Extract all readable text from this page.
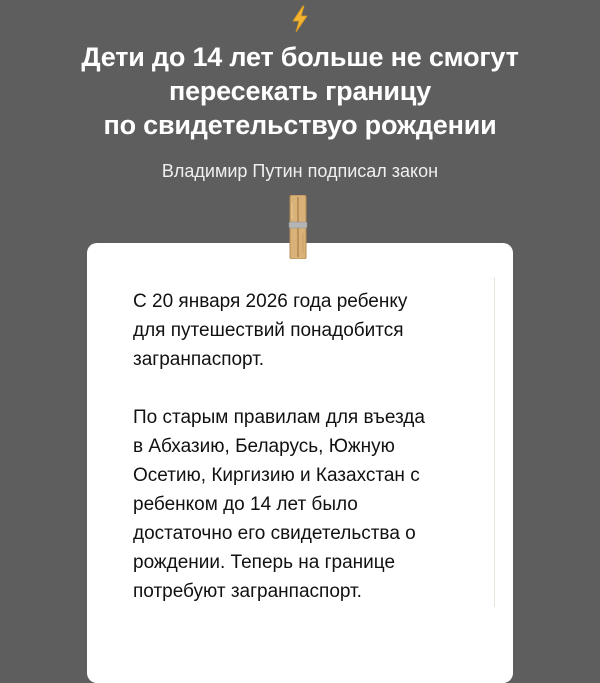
Дети до 14 лет больше не смогут
пересекать границу
по свидетельствуо рождении
Владимир Путин подписал закон

С 20 января 2026 года ребенку
для путешествий понадобится
загранпаспорт.

По старым правилам для въезда
в Абхазию, Беларусь, Южную
Осетию, Киргизию и Казахстан с
ребенком до 14 лет было
достаточно его свидетельства о
рождении. Теперь на границе
потребуют загранпаспорт.
